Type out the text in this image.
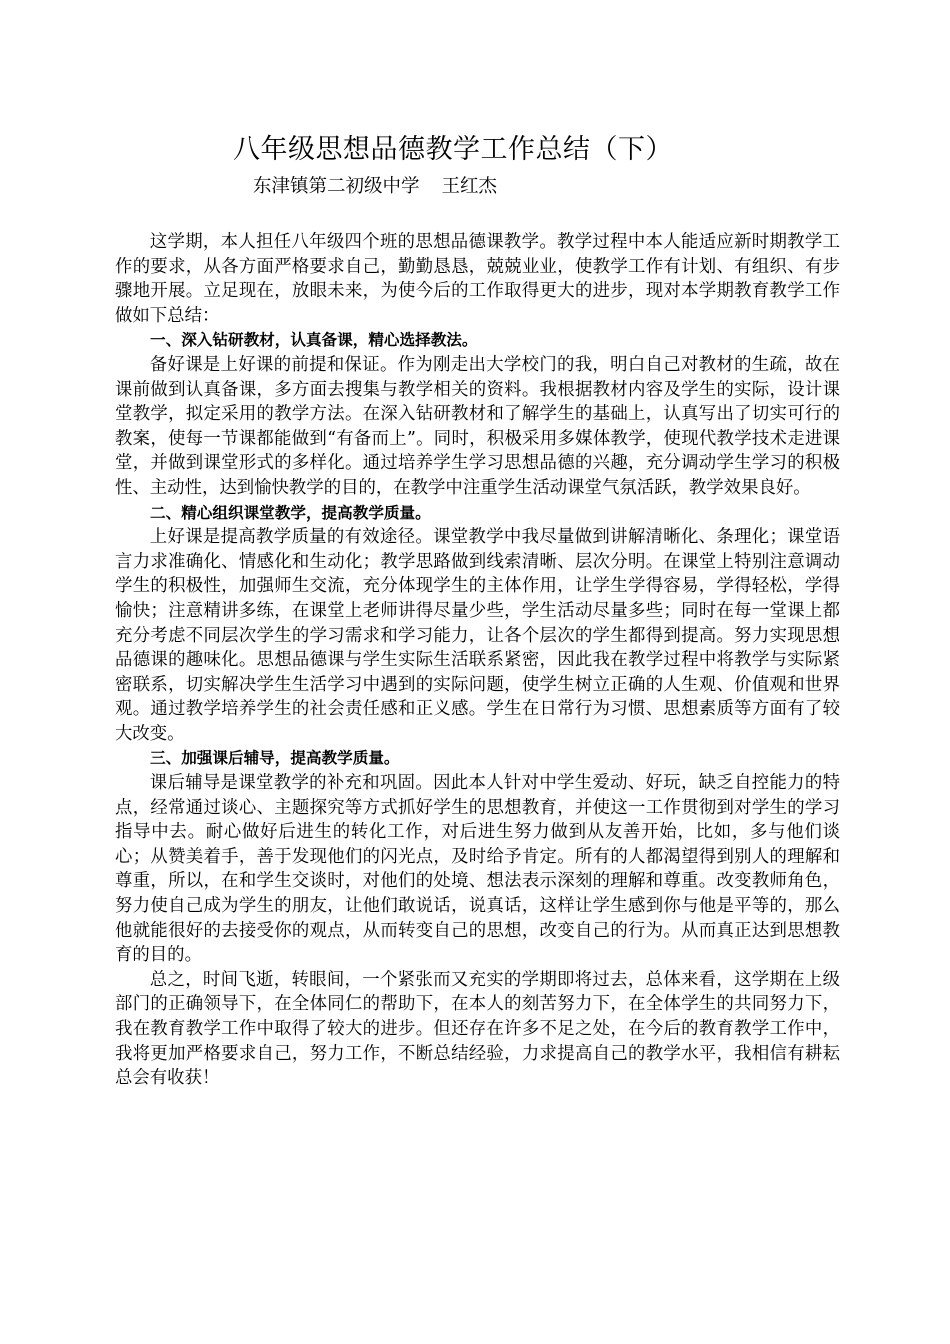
八年级思想品德教学工作总结（下）
东津镇第二初级中学 王红杰

这学期，本人担任八年级四个班的思想品德课教学。教学过程中本人能适应新时期教学工作的要求，从各方面严格要求自己，勤勤恳恳，兢兢业业，使教学工作有计划、有组织、有步骤地开展。立足现在，放眼未来，为使今后的工作取得更大的进步，现对本学期教育教学工作做如下总结：

一、深入钻研教材，认真备课，精心选择教法。

备好课是上好课的前提和保证。作为刚走出大学校门的我，明白自己对教材的生疏，故在课前做到认真备课，多方面去搜集与教学相关的资料。我根据教材内容及学生的实际，设计课堂教学，拟定采用的教学方法。在深入钻研教材和了解学生的基础上，认真写出了切实可行的教案，使每一节课都能做到“有备而上”。同时，积极采用多媒体教学，使现代教学技术走进课堂，并做到课堂形式的多样化。通过培养学生学习思想品德的兴趣，充分调动学生学习的积极性、主动性，达到愉快教学的目的，在教学中注重学生活动课堂气氛活跃，教学效果良好。

二、精心组织课堂教学，提高教学质量。

上好课是提高教学质量的有效途径。课堂教学中我尽量做到讲解清晰化、条理化；课堂语言力求准确化、情感化和生动化；教学思路做到线索清晰、层次分明。在课堂上特别注意调动学生的积极性，加强师生交流，充分体现学生的主体作用，让学生学得容易，学得轻松，学得愉快；注意精讲多练，在课堂上老师讲得尽量少些，学生活动尽量多些；同时在每一堂课上都充分考虑不同层次学生的学习需求和学习能力，让各个层次的学生都得到提高。努力实现思想品德课的趣味化。思想品德课与学生实际生活联系紧密，因此我在教学过程中将教学与实际紧密联系，切实解决学生生活学习中遇到的实际问题，使学生树立正确的人生观、价值观和世界观。通过教学培养学生的社会责任感和正义感。学生在日常行为习惯、思想素质等方面有了较大改变。

三、加强课后辅导，提高教学质量。

课后辅导是课堂教学的补充和巩固。因此本人针对中学生爱动、好玩，缺乏自控能力的特点，经常通过谈心、主题探究等方式抓好学生的思想教育，并使这一工作贯彻到对学生的学习指导中去。耐心做好后进生的转化工作，对后进生努力做到从友善开始，比如，多与他们谈心；从赞美着手，善于发现他们的闪光点，及时给予肯定。所有的人都渴望得到别人的理解和尊重，所以，在和学生交谈时，对他们的处境、想法表示深刻的理解和尊重。改变教师角色，努力使自己成为学生的朋友，让他们敢说话，说真话，这样让学生感到你与他是平等的，那么他就能很好的去接受你的观点，从而转变自己的思想，改变自己的行为。从而真正达到思想教育的目的。

总之，时间飞逝，转眼间，一个紧张而又充实的学期即将过去，总体来看，这学期在上级部门的正确领导下，在全体同仁的帮助下，在本人的刻苦努力下，在全体学生的共同努力下，我在教育教学工作中取得了较大的进步。但还存在许多不足之处，在今后的教育教学工作中，我将更加严格要求自己，努力工作，不断总结经验，力求提高自己的教学水平，我相信有耕耘总会有收获！
